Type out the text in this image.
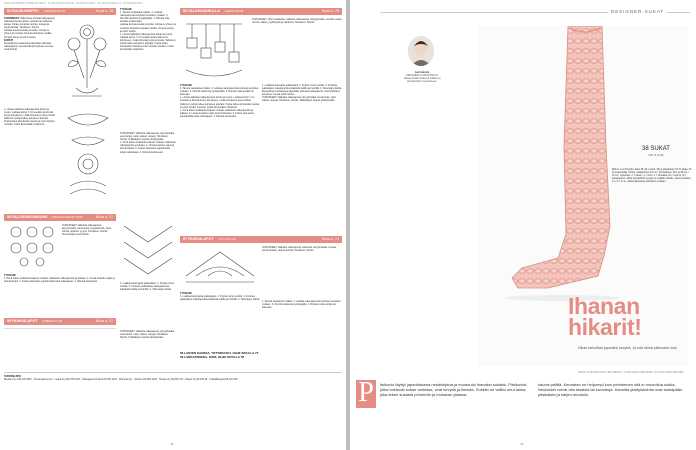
53 RUUSUKIMPPU KOHDE 56 KEVÄT · 54 VALOKUKKANAUHA · 55 PAIKKALAPUT · 56 VALOKUVARULLA · 57 PAIKKALAPUT
53 RUUSUKIMPPU KORKEUS 60 CM	Kuva s. 15
TARVIKKEET: Valkoista ja vihreää nallepaperia, valkopaperia tai pahvia, vesivärit tai värikyniä, sakset, liimaa, punaista nauhaa, tusseja ja pientä lankaa. Tarvikkeet: Stocks.
Leikkaa kuviosta kukat ja lehdet. Liimaa ne yhteen ja muotoile kimpuksi kehyksen sisälle. Ompele kehys ja solmi nauha.
KUOSIT
Ruusukimpun sisäosana käytetään valkoista nallepaperia, ruusunlehtiä ja kehyksen reunaa sekä helmiä.
L. Liimaa valkoista nallepaperista lehdet ja ruusut. Leikkaa kehys 7 cm leveäksi ja kiinnitä kuviot kehykseen. Lisää silmukat ja pienet kukat. Valkoinen pohja kulkee kehyksen alta läpi. Pujota lanka silmukoiden kautta ja solmi lopuksi rusetiksi. Kukat kiinnitetään ristipistoin.
54 VALOKUKKANAUHA KUKAN HALKAISIJA 7,5 CM	Kuva s. 17
TARVIKKEET: Valkoista nallepaperia, akryylimaalia, sievä lanka, kangasliimaa, napit, helmiä, leikkurin tyynyä. Tarvikkeet: Stocks. Suunnittelija Lena Nordin.
TYÖOHJE:
1. Piirrä kukan terälehdet kaavan mukaan valkoiselle nallepaperille ja leikkaa. 2. Liimaa keskelle nappi ja kiinnitä lanka. 3. Kokoa valonauha pujottamalla kukat valosarjaan. 4. Ripusta koristeeksi.
55 PAIKKALAPUT KORKEUS 11 CM	Kuva s. 17
TYÖOHJE:
1. Taivuta rautalanka rullaksi. 2. Leikkaa nallepaperista kehykset kuvioiden mukaan. 3. Kiinnitä valokuvat pyykkipojilla. 4. Ripusta rulla seinälle tai ikkunaan.
Leikkaa kuviosta kukat ja lehdet. Liimaa ne yhteen ja muotoile kimpuksi kehyksen sisälle. Ompele kehys ja solmi nauha.
L. Liimaa valkoista nallepaperista lehdet ja ruusut. Leikkaa kehys 7 cm leveäksi ja kiinnitä kuviot kehykseen. Lisää silmukat ja pienet kukat. Valkoinen pohja kulkee kehyksen alta läpi. Pujota lanka silmukoiden kautta ja solmi lopuksi rusetiksi. Kukat kiinnitetään ristipistoin.
TARVIKKEET: Valkoista nallepaperia, akryylimaalia, sievä lanka, napit, sakset, tusseja. Tarvikkeet: Stocks. Paikkalaput sopivat juhlapöytään.
1. Piirrä kukan terälehdet kaavan mukaan valkoiselle nallepaperille ja leikkaa. 2. Liimaa keskelle nappi ja kiinnitä lanka. 3. Kokoa valonauha pujottamalla kukat valosarjaan. 4. Ripusta koristeeksi.
1. Leikkaa kartongista paikkalaput. 2. Kirjoita nimet tussilla. 3. Koristele paikkalaput nallepaperista leikatuilla kukilla ja helmillä. 4. Taita lappu kahtia.
TARVIKKEET: Valkoista nallepaperia, akryylimaalia, sievä lanka, napit, sakset, tusseja. Tarvikkeet: Stocks. Paikkalaput sopivat juhlapöytään.
56 VALOKUVARULLA LEVEYS 58 CM	Kuva s. 75
TARVIKKEET: Ohut rautalanka, valkoista nallepaperia, akryylimaalia, vesivärit, lanka, helmiä, sakset, pyykkipojat ja valokuvia. Tarvikkeet: Stocks.
TYÖOHJE:
1. Taivuta rautalanka rullaksi. 2. Leikkaa nallepaperista kehykset kuvioiden mukaan. 3. Kiinnitä valokuvat pyykkipojilla. 4. Ripusta rulla seinälle tai ikkunaan.
L. Liimaa valkoista nallepaperista lehdet ja ruusut. Leikkaa kehys 7 cm leveäksi ja kiinnitä kuviot kehykseen. Lisää silmukat ja pienet kukat. Valkoinen pohja kulkee kehyksen alta läpi. Pujota lanka silmukoiden kautta ja solmi lopuksi rusetiksi. Kukat kiinnitetään ristipistoin.
1. Piirrä kukan terälehdet kaavan mukaan valkoiselle nallepaperille ja leikkaa. 2. Liimaa keskelle nappi ja kiinnitä lanka. 3. Kokoa valonauha pujottamalla kukat valosarjaan. 4. Ripusta koristeeksi.
1. Leikkaa kartongista paikkalaput. 2. Kirjoita nimet tussilla. 3. Koristele paikkalaput nallepaperista leikatuilla kukilla ja helmillä. 4. Taita lappu kahtia.
Ruusukimpun sisäosana käytetään valkoista nallepaperia, ruusunlehtiä ja kehyksen reunaa sekä helmiä.
TARVIKKEET: Valkoista nallepaperia, akryylimaalia, sievä lanka, napit, sakset, tusseja. Tarvikkeet: Stocks. Paikkalaput sopivat juhlapöytään.
57 PAIKKALAPUT K 8 X 10,5 CM	Kuva s. 74
TARVIKKEET: Valkoista nallepaperia, kartonkia, akryylimaalia, tusseja, pientä lankaa, napit ja helmiä. Tarvikkeet: Stocks.
TYÖOHJE:
1. Leikkaa kartongista paikkalaput. 2. Kirjoita nimet tussilla. 3. Koristele paikkalaput nallepaperista leikatuilla kukilla ja helmillä. 4. Taita lappu kahtia.
1. Taivuta rautalanka rullaksi. 2. Leikkaa nallepaperista kehykset kuvioiden mukaan. 3. Kiinnitä valokuvat pyykkipojilla. 4. Ripusta rulla seinälle tai ikkunaan.
58 LASTEN KANSSA, YRTTIRUUKU, OHJE SIVULLA 77.
59 LANKATONKKA, KORI, OHJE SIVULLA 78
TARVIKELISTA
Bleaktra Oy 010-123 4567 · Kuvanrakennus.fi · Lanka Oy 020-765 4321 · Nallepaperi Finland 09-870 1122 · Wimmaa Oy · Stocks 010-555 1234 · Tarvike Oy 09-600 700 · Paperi Oy 03-445 66 · Tekstiilikauppa 06-120 340
78
DESIGNER-SUKAT
Leni Heinola
DESIGNER-SUUNNITTELIJA
Jakaa parhaat vinkkinsä sukkien ja yksityiskohtien neulomiseen.
38 SUKAT
NO. 6 (9-8)
MALLI: Leni Heinola, koko 36–39. Lanka: 100 g pitsilankaa (70 % villaa, 30 % polyamidia). Puikot: sukkapuikot 2,5 mm. Neuletiheys: 30 s ja 40 krs = 10 cm. Lyhenteet: o = oikein, n = nurin, s = silmukka, krs = kerros, lk = langankierto. Aloita luomalla 64 s ja jaa ne neljälle puikolle. Neulo joustinta 2 o, 2 n 3 cm. Jatka pitsikuviota piirroksen mukaan.
Ihanan
hikarit!
Hikari tarkoittaa japaniksi kevyttä. Ja sitä nämä pitsisukat ovat.
TEKSTI JA SUUNNITTELU LENI HEINOLA · KUVAT ANNA LINDSTRÖM · STYLING KAISA VIRTANEN
P	itsikuvio täyttyi japanilaisena neulekirjana ja muotoutui ihanaksi sukaksi. Pitsikuviot, jotka toistuvat sukan vartessa, ovat kevyitä ja ilmavia. Sukkiin on valittu ohut lanka, joka tekee sukasta pehmeän ja mukavan jalassa.
kaunis pelittä. Kannatan ne helpompi kuin perinteinen sitä ei muotoilua sukka. Neulokset voivat olla tasaisia tai kuvioituja. Kauniita yksityiskohtia ovat kantapään pitsikaista ja kärjen muotoilu.
79
